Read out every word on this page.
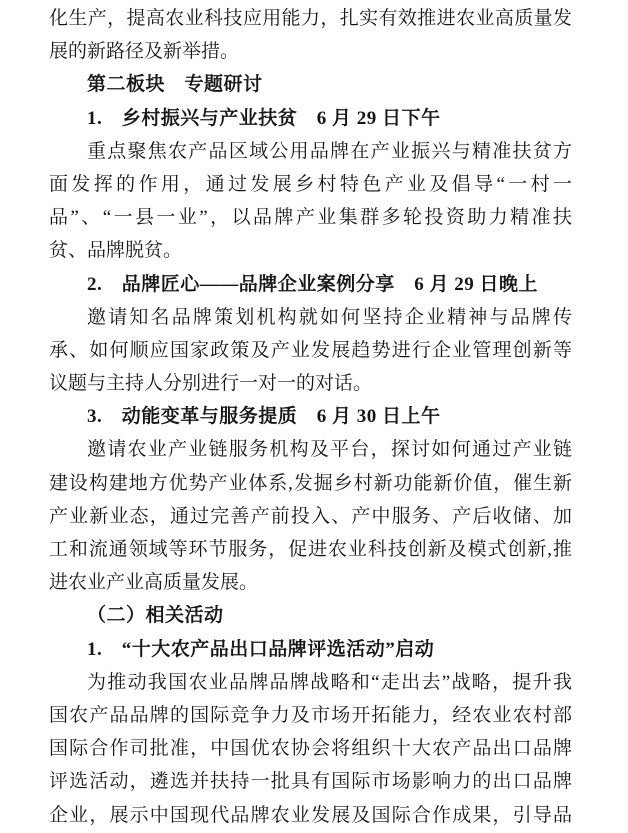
化生产，提高农业科技应用能力，扎实有效推进农业高质量发
展的新路径及新举措。
第二板块　专题研讨
1.　乡村振兴与产业扶贫　6 月 29 日下午
重点聚焦农产品区域公用品牌在产业振兴与精准扶贫方
面发挥的作用，通过发展乡村特色产业及倡导“一村一
品”、“一县一业”，以品牌产业集群多轮投资助力精准扶
贫、品牌脱贫。
2.　品牌匠心——品牌企业案例分享　6 月 29 日晚上
邀请知名品牌策划机构就如何坚持企业精神与品牌传
承、如何顺应国家政策及产业发展趋势进行企业管理创新等
议题与主持人分别进行一对一的对话。
3.　动能变革与服务提质　6 月 30 日上午
邀请农业产业链服务机构及平台，探讨如何通过产业链
建设构建地方优势产业体系,发掘乡村新功能新价值，催生新
产业新业态，通过完善产前投入、产中服务、产后收储、加
工和流通领域等环节服务，促进农业科技创新及模式创新,推
进农业产业高质量发展。
（二）相关活动
1.　“十大农产品出口品牌评选活动”启动
为推动我国农业品牌品牌战略和“走出去”战略，提升我
国农产品品牌的国际竞争力及市场开拓能力，经农业农村部
国际合作司批准，中国优农协会将组织十大农产品出口品牌
评选活动，遴选并扶持一批具有国际市场影响力的出口品牌
企业，展示中国现代品牌农业发展及国际合作成果，引导品
